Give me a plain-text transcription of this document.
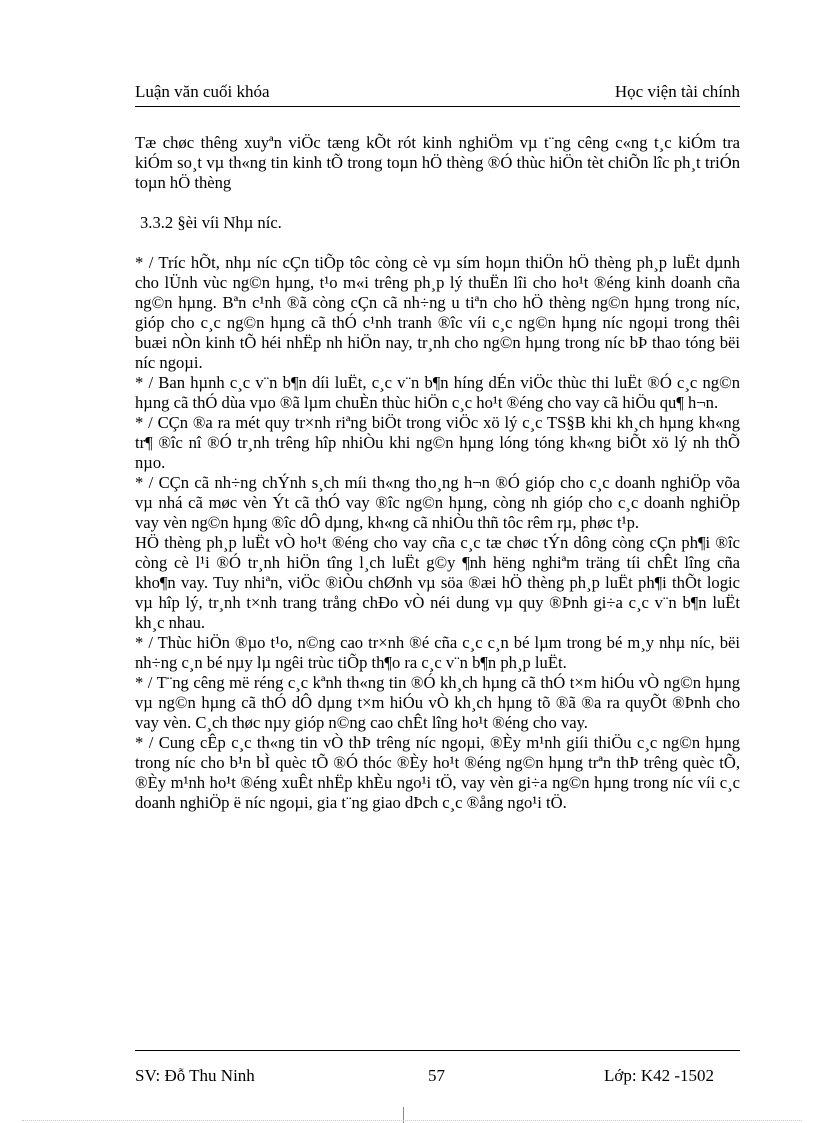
Luận văn cuối khóa	Học viện tài chính

Tæ chøc thêng xuyªn viÖc tæng kÕt rót kinh nghiÖm vµ t¨ng cêng c«ng t¸c kiÓm tra kiÓm so¸t vµ th«ng tin kinh tÕ trong toµn hÖ thèng ®Ó thùc hiÖn tèt chiÕn lîc ph¸t triÓn toµn hÖ thèng

3.3.2 §èi víi Nhµ níc.

* / Tríc hÕt, nhµ níc cÇn tiÕp tôc còng cè vµ sím hoµn thiÖn hÖ thèng ph¸p luËt dµnh cho lÜnh vùc ng©n hµng, t¹o m«i trêng ph¸p lý thuËn lîi cho ho¹t ®éng kinh doanh cña ng©n hµng. Bªn c¹nh ®ã còng cÇn cã nh÷ng u tiªn cho hÖ thèng ng©n hµng trong níc, gióp cho c¸c ng©n hµng cã thÓ c¹nh tranh ®îc víi c¸c ng©n hµng níc ngoµi trong thêi buæi nÒn kinh tÕ héi nhËp nh hiÖn nay, tr¸nh cho ng©n hµng trong níc bÞ thao tóng bëi níc ngoµi.

* / Ban hµnh c¸c v¨n b¶n díi luËt, c¸c v¨n b¶n híng dÉn viÖc thùc thi luËt ®Ó c¸c ng©n hµng cã thÓ dùa vµo ®ã lµm chuÈn thùc hiÖn c¸c ho¹t ®éng cho vay cã hiÖu qu¶ h¬n.

* / CÇn ®a ra mét quy tr×nh riªng biÖt trong viÖc xö lý c¸c TS§B khi kh¸ch hµng kh«ng tr¶ ®îc nî ®Ó tr¸nh trêng hîp nhiÒu khi ng©n hµng lóng tóng kh«ng biÕt xö lý nh thÕ nµo.

* / CÇn cã nh÷ng chÝnh s¸ch míi th«ng tho¸ng h¬n ®Ó gióp cho c¸c doanh nghiÖp võa vµ nhá cã møc vèn Ýt cã thÓ vay ®îc ng©n hµng, còng nh gióp cho c¸c doanh nghiÖp vay vèn ng©n hµng ®îc dÔ dµng, kh«ng cã nhiÒu thñ tôc rêm rµ, phøc t¹p.

HÖ thèng ph¸p luËt vÒ ho¹t ®éng cho vay cña c¸c tæ chøc tÝn dông còng cÇn ph¶i ®îc còng cè l¹i ®Ó tr¸nh hiÖn tîng l¸ch luËt g©y ¶nh hëng nghiªm träng tíi chÊt lîng cña kho¶n vay. Tuy nhiªn, viÖc ®iÒu chØnh vµ söa ®æi hÖ thèng ph¸p luËt ph¶i thÕt logic vµ hîp lý, tr¸nh t×nh trang trång chÐo vÒ néi dung vµ quy ®Þnh gi÷a c¸c v¨n b¶n luËt kh¸c nhau.

* / Thùc hiÖn ®µo t¹o, n©ng cao tr×nh ®é cña c¸c c¸n bé lµm trong bé m¸y nhµ níc, bëi nh÷ng c¸n bé nµy lµ ngêi trùc tiÕp th¶o ra c¸c v¨n b¶n ph¸p luËt.

* / T¨ng cêng më réng c¸c kªnh th«ng tin ®Ó kh¸ch hµng cã thÓ t×m hiÓu vÒ ng©n hµng vµ ng©n hµng cã thÓ dÔ dµng t×m hiÓu vÒ kh¸ch hµng tõ ®ã ®a ra quyÕt ®Þnh cho vay vèn. C¸ch thøc nµy gióp n©ng cao chÊt lîng ho¹t ®éng cho vay.

* / Cung cÊp c¸c th«ng tin vÒ thÞ trêng níc ngoµi, ®Èy m¹nh giíi thiÖu c¸c ng©n hµng trong níc cho b¹n bÌ quèc tÕ ®Ó thóc ®Èy ho¹t ®éng ng©n hµng trªn thÞ trêng quèc tÕ, ®Èy m¹nh ho¹t ®éng xuÊt nhËp khÈu ngo¹i tÖ, vay vèn gi÷a ng©n hµng trong níc víi c¸c doanh nghiÖp ë níc ngoµi, gia t¨ng giao dÞch c¸c ®ång ngo¹i tÖ.

SV: Đỗ Thu Ninh	57	Lớp: K42 -1502
